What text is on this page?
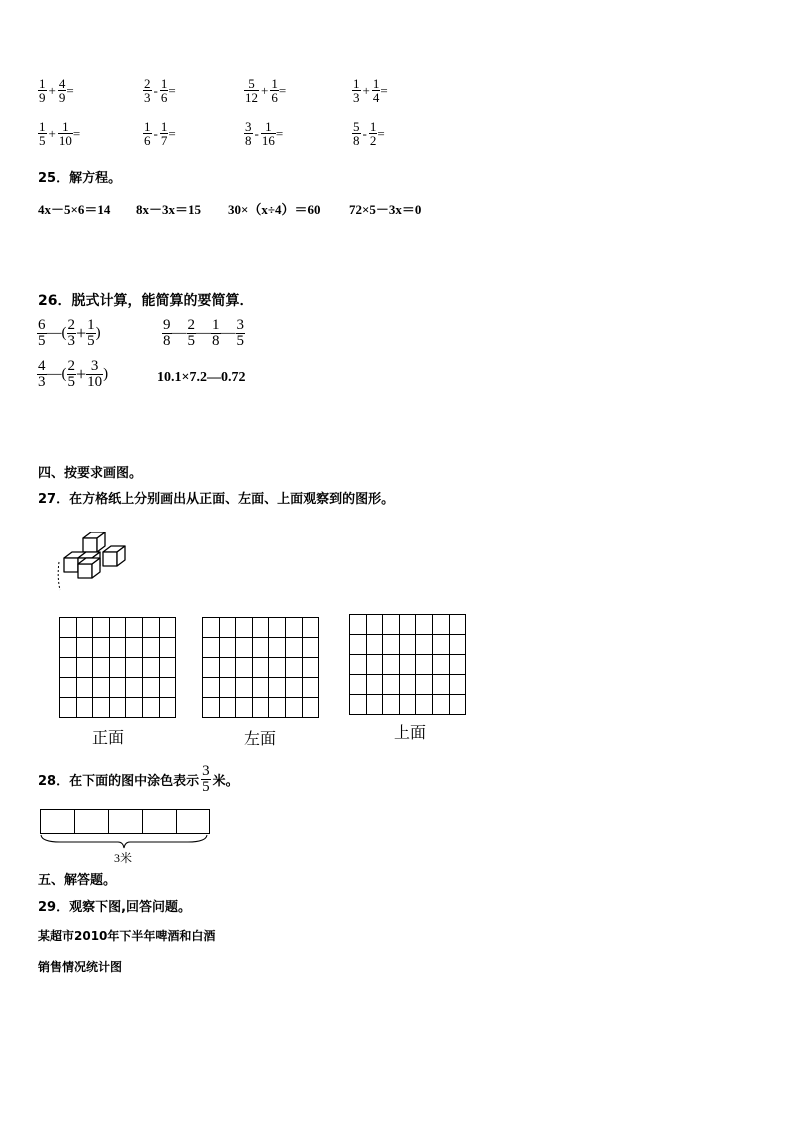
$\frac{1}{9} + \frac{4}{9}$ =	$\frac{2}{3} - \frac{1}{6}$ =	$\frac{5}{12} + \frac{1}{6}$ =	$\frac{1}{3} + \frac{1}{4}$ =
$\frac{1}{5} + \frac{1}{10}$ =	$\frac{1}{6} - \frac{1}{7}$ =	$\frac{3}{8} - \frac{1}{16}$ =	$\frac{5}{8} - \frac{1}{2}$ =
25．解方程。
4x－5×6＝14 8x－3x＝15 30×（x÷4）＝60 72×5－3x＝0
26．脱式计算，能简算的要简算．
$\frac{6}{5}$ —( $\frac{2}{3} + \frac{1}{5}$ )	$\frac{9}{8}$ — $\frac{2}{5}$ — $\frac{1}{8}$ — $\frac{3}{5}$
$\frac{4}{3}$ —( $\frac{2}{5} + \frac{3}{10}$ )	10.1×7.2—0.72
四、按要求画图。
27．在方格纸上分别画出从正面、左面、上面观察到的图形。

正面	左面	上面
28．在下面的图中涂色表示 $\frac{3}{5}$ 米。
3米
五、解答题。
29．观察下图,回答问题。
某超市2010年下半年啤酒和白酒
销售情况统计图
